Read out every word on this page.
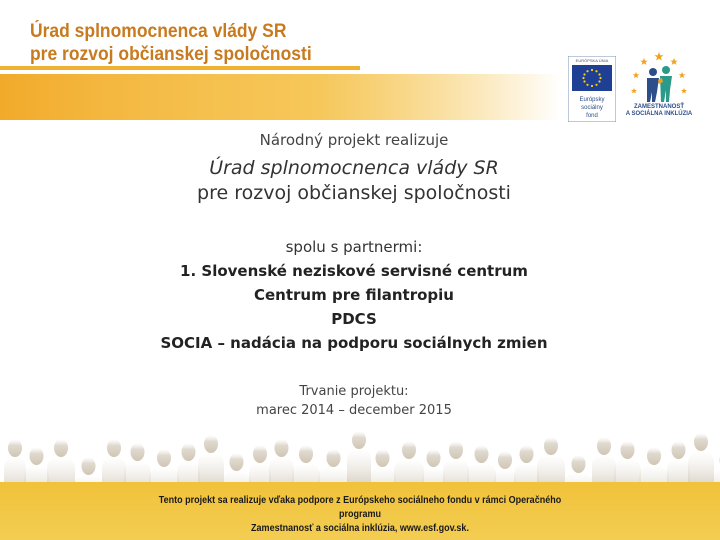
Úrad splnomocnenca vlády SR
pre rozvoj občianskej spoločnosti	EURÓPSKA ÚNIA
Európsky
sociálny
fond
ZAMESTNANOSŤ
A SOCIÁLNA INKLÚZIA
Národný projekt realizuje
Úrad splnomocnenca vlády SR
pre rozvoj občianskej spoločnosti
spolu s partnermi:
1. Slovenské neziskové servisné centrum
Centrum pre filantropiu
PDCS
SOCIA – nadácia na podporu sociálnych zmien
Trvanie projektu:
marec 2014 – december 2015
Tento projekt sa realizuje vďaka podpore z Európskeho sociálneho fondu v rámci Operačného programu
Zamestnanosť a sociálna inklúzia, www.esf.gov.sk.
